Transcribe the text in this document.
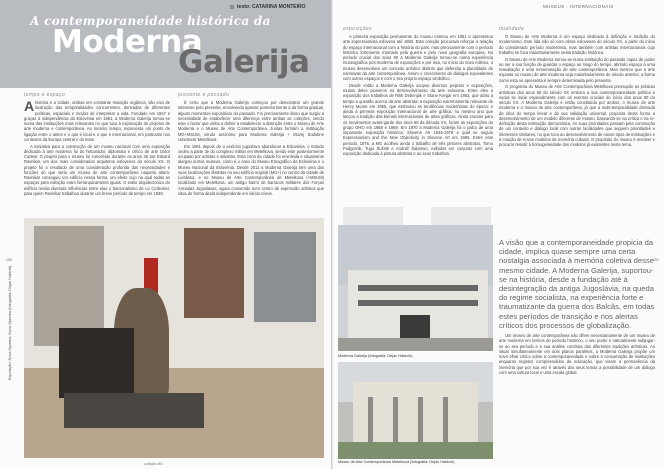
texto: CATARINA MONTEIRO
A contemporaneidade histórica da
Moderna
Galerija
tempo e espaço	presente e passado

Ahistória e a cidade, ambas em constante mutação orgânica, são eixo de ilustração das temporalidades concorrentes, derivadas de diferentes políticas, espaciais e modos de interpretar a vida. Fundado em 1947 e graças à independência da Eslovénia em 1991, a Moderna Galerija tornou-se numa das instituições mais relevantes no que toca à exploração de projetos de arte moderna e contemporânea. Ao mesmo tempo, representa um ponto de ligação entre o antes e o que é local e o que é internacional, em particular nos contextos da Europa central e do leste.

A iniciativa para a construção de um museu nacional com uma exposição dedicada à arte moderna foi do historiador, diplomata e crítico de arte Izidor Cankar. O projeto para o museu foi concebido durante os anos 30 por Edvard Ravnikar, um dos mais considerados arquitetos eslovenos do século XX. O projeto foi o resultado de uma consideração profunda das necessidades e funções do que seria um museu de arte contemporânea naquela altura. Ravnikar conseguiu um edifício nessa forma, um efeito cujo na qual todas as espaços para exibição eram hierarquicamente iguais. O estilo arquitectónico do edifício revela diversas influências entre elas o funcionalismo de Le Corbusier, para quem Ravnikar trabalhou durante um breve período de tempo em 1939.

É certo que a Moderna Galerija começou por demonstrar um grande interesse pelo presente, envolvendo apenas posteriormente a da forma gradual, alguns momentos expositivos do passado. Foi precisamente disso que surgiu a necessidade de estabelecer uma diferença entre ambas as coleções, sendo este o factor que vinha a definir a estabelecer a distinção entre o Museu de Arte Moderna e o Museu de Arte Contemporânea. Juntas formam a instituição MG+MSUM, sendo acrónimo para Moderna Galerija + Muzej Sodobne Umetnosti Metelkova.

Em 1961 depois de o exército jugoslavo abandonar a Eslovénia, o Estado cedeu a parte de do complexo militar em Metelkova, sendo este posteriormente ocupado por artistas e ativistas. Esta zona da cidade foi envolvida e situamente alargou outros museus, como é o caso do Museu Etnográfico da Eslovénia e o Museu Nacional da Eslovénia. Desde 2011 a Moderna Galerija tem uma das suas localizações distintas no seu edifício original (MG+) no centro da cidade de Liubliana, e no Museu de Arte Contemporânea de Metelkova (+MSUM) localizado em Metelkova, um antigo bairro de barracos militares dos Forças Armadas Jugoslavas, agora convertido num centro de expressão artística que situa de forma ainda independente em vários níveis.

Exposição: Nova Oprema, Nova Oprema (fotografia: Dejan Habicht)
150
coleção MG
MUSEUS - INTERNACIONAIS
exposições	dualidade

A primeira exposição permanente do museu estreou em 1951 e apresentou arte impressionista eslovena até 1950. Esta coleção procurava reforçar a relação do espaço internacional com a história do país, mas precisamente com o período histórico fortemente marcado pela guerra e pelo novo geografia europeia. No período crucial dos anos 90 a Moderna Galerija tornou-se numa experiência museográfica pós-moderna de exposições e por isso, no início do novo milénio, o museu desenvolveu um conceito artístico distinto que defendia a pluralidade de narrativas da arte contemporânea. Assim o crescimento de diálogos equivalentes com outros espaços e com o seu próprio espaço simbólico.

Desde então a Moderna Galerija ocupou diversos projetos e exposições, muitos deles pioneiros no desenvolvimento da arte eslovena. Entre eles a exposição dos trabalhos de Rikk Debenjak e Stane Kregar em 1953, que abriu a tempo a questão acerca da arte abstrata; a exposição extremamente relevante de Henry Moore em 1955, que estimulou as tendências modernistas do época; e ainda a primeira exposição internacional de arte gráfica, no mesmo ano que lançou a tradição das bienais internacionais de artes gráficas. Ainda cruciais para os movimentos avant-garde dos anos 60 da década XX, foram as exposições do grupo OHO em 1968 e 1969. Em 1970 a Moderna Galerija foi o palco de uma importante exposição histórica: Slovene Art 1945-1978 e qual se seguiu Expressionism and the New Objectivity in Slovene Art em 1986. Entre este período, 1976, a MG acolheu ainda o trabalho de três pintores abstratos, Tomo Podgornik, Tugo Šušnik e Andraž Šalamun, exibidos em conjunto com uma exposição dedicada à pintura abstrata e ao seus trabalhos.

O Museu de Arte Moderna é um espaço dedicado à definição e tradição do modernismo. Este lida não só com obras eslovenas do século XX, a partir do início do considerado período modernista, mas também com artistas internacionais cujo trabalho se foca maioritariamente nesta tradição histórica.

O Museu de Arte Moderna tornou-se numa instituição do passado capaz de poder ao ser a sua função de guardar o espaço ao longo do tempo, abrindo espaço a uma reavaliação e uma rememoração de arte contemporânea. Mas mesmo que a arte exposta no museu de arte moderna seja maioritariamente de século anterior, a forma como esta se apresenta é sempre determinada pelo presente.

O programa do Museu de Arte Contemporânea Metelkova pressupõe as práticas artísticas dos anos 60 do século XX embora a sua contemporaneidade política e social se inicie especialmente com os eventos cruciais do início dos anos 90 do século XX. A Moderna Galerija é então constituída por ambos, o museu de arte moderna e o museu de arte contemporânea, já que a multi-temporalidade derivada da ótica do tempo linear e da sua validação universal, proposta desta forma a desenvolvimento de um modelo diferente de museu, baseando-se na crítica e na re-definição desta instituição democrática. As suas prioridades passam pela construção de um contexto e diálogo local com outras localidades que seguem prioridades e interesses similares, no que toca ao desenvolvimento de novos tipos de instituições e à criação de novos modelos de memória cultural. O propósito do museu é resolver e procurar resistir à homogeneidade dos modelos já existentes neste tema.

A visão que a contemporaneidade propicia da cidade, implica quase sempre uma certa nostalgia associada à memória coletiva desse mesmo cidade. A Moderna Galerija, suportou-se na história, desde a fundação até à desintegração da antiga Jugoslávia, na queda do regime socialista, na experiência forte e traumatizante da guerra dos Balcãs, em todas estes períodos de transição e nos alertas críticos dos processos de globalização.

Um museu de arte contemporânea não difere necessariamente de um museu de arte moderna em termos de período histórico, o seu poder é naturalmente subjugar-se ao seu período e a sua análise contínua das diferentes tradições artísticas. Ao situar simultaneamente em dois planos paralelos, a Moderna Galerija propõe um novo olhar crítico sobre a contemporaneidade e sobre a consumação de instituições enquanto registos compreendidos da educação, que visam a permanência da memória que por sua vez é através dos seus temas a possibilidade de um diálogo com uma cultura local e uma escala global.

Moderna Galerija (fotografia: Dejan Habicht)
Museu de Arte Contemporânea Metelkova (fotografia: Dejan Habicht)
151
